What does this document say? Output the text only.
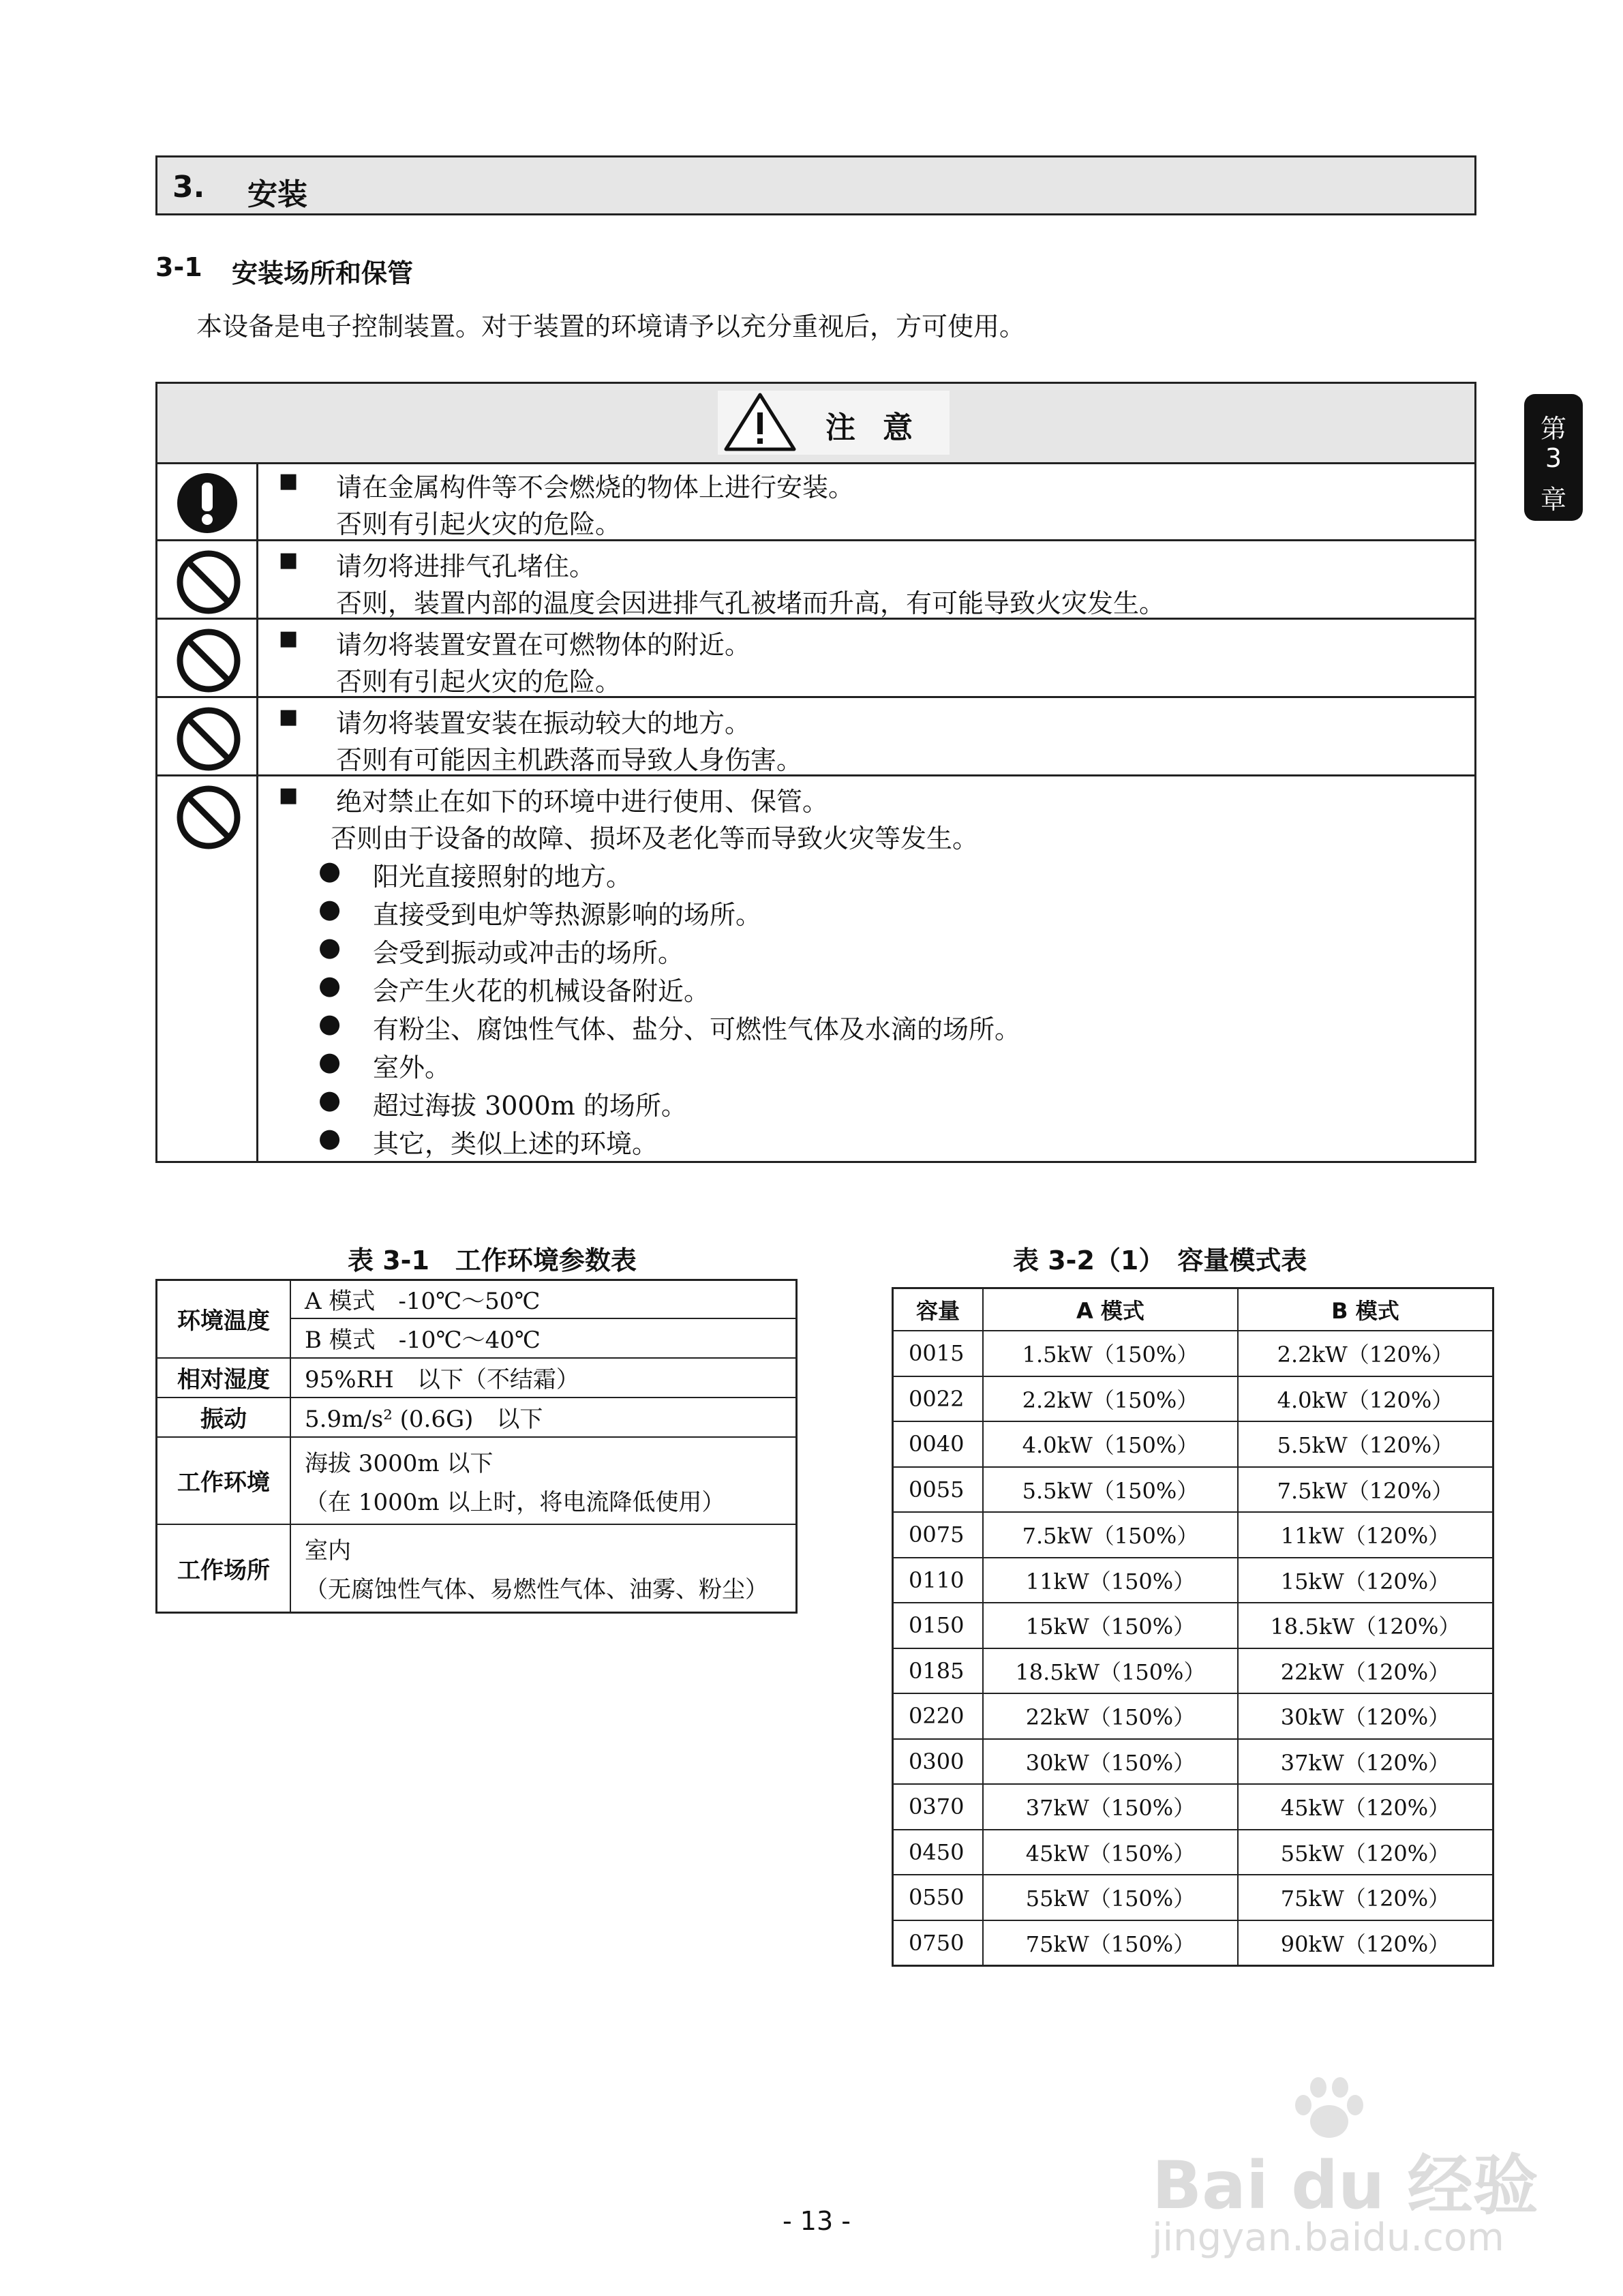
3. 安装
3-1 安装场所和保管
本设备是电子控制装置。对于装置的环境请予以充分重视后，方可使用。
第
3
章
注意
■ 请在金属构件等不会燃烧的物体上进行安装。
否则有引起火灾的危险。
■ 请勿将进排气孔堵住。
否则，装置内部的温度会因进排气孔被堵而升高，有可能导致火灾发生。
■ 请勿将装置安置在可燃物体的附近。
否则有引起火灾的危险。
■ 请勿将装置安装在振动较大的地方。
否则有可能因主机跌落而导致人身伤害。
■ 绝对禁止在如下的环境中进行使用、保管。
否则由于设备的故障、损坏及老化等而导致火灾等发生。
● 阳光直接照射的地方。
● 直接受到电炉等热源影响的场所。
● 会受到振动或冲击的场所。
● 会产生火花的机械设备附近。
● 有粉尘、腐蚀性气体、盐分、可燃性气体及水滴的场所。
● 室外。
● 超过海拔 3000m 的场所。
● 其它，类似上述的环境。
表 3-1　工作环境参数表
环境温度	A 模式　-10℃～50℃
	B 模式　-10℃～40℃
相对湿度	95%RH　以下（不结霜）
振动	5.9m/s² (0.6G)　以下
工作环境	海拔 3000m 以下
（在 1000m 以上时，将电流降低使用）

工作场所	室内
（无腐蚀性气体、易燃性气体、油雾、粉尘）
表 3-2（1）　容量模式表
容量	A 模式	B 模式
0015	1.5kW（150%）	2.2kW（120%）
0022	2.2kW（150%）	4.0kW（120%）
0040	4.0kW（150%）	5.5kW（120%）
0055	5.5kW（150%）	7.5kW（120%）
0075	7.5kW（150%）	11kW（120%）
0110	11kW（150%）	15kW（120%）
0150	15kW（150%）	18.5kW（120%）
0185	18.5kW（150%）	22kW（120%）
0220	22kW（150%）	30kW（120%）
0300	30kW（150%）	37kW（120%）
0370	37kW（150%）	45kW（120%）
0450	45kW（150%）	55kW（120%）
0550	55kW（150%）	75kW（120%）
0750	75kW（150%）	90kW（120%）
- 13 -	Bai du 经验
jingyan.baidu.com
